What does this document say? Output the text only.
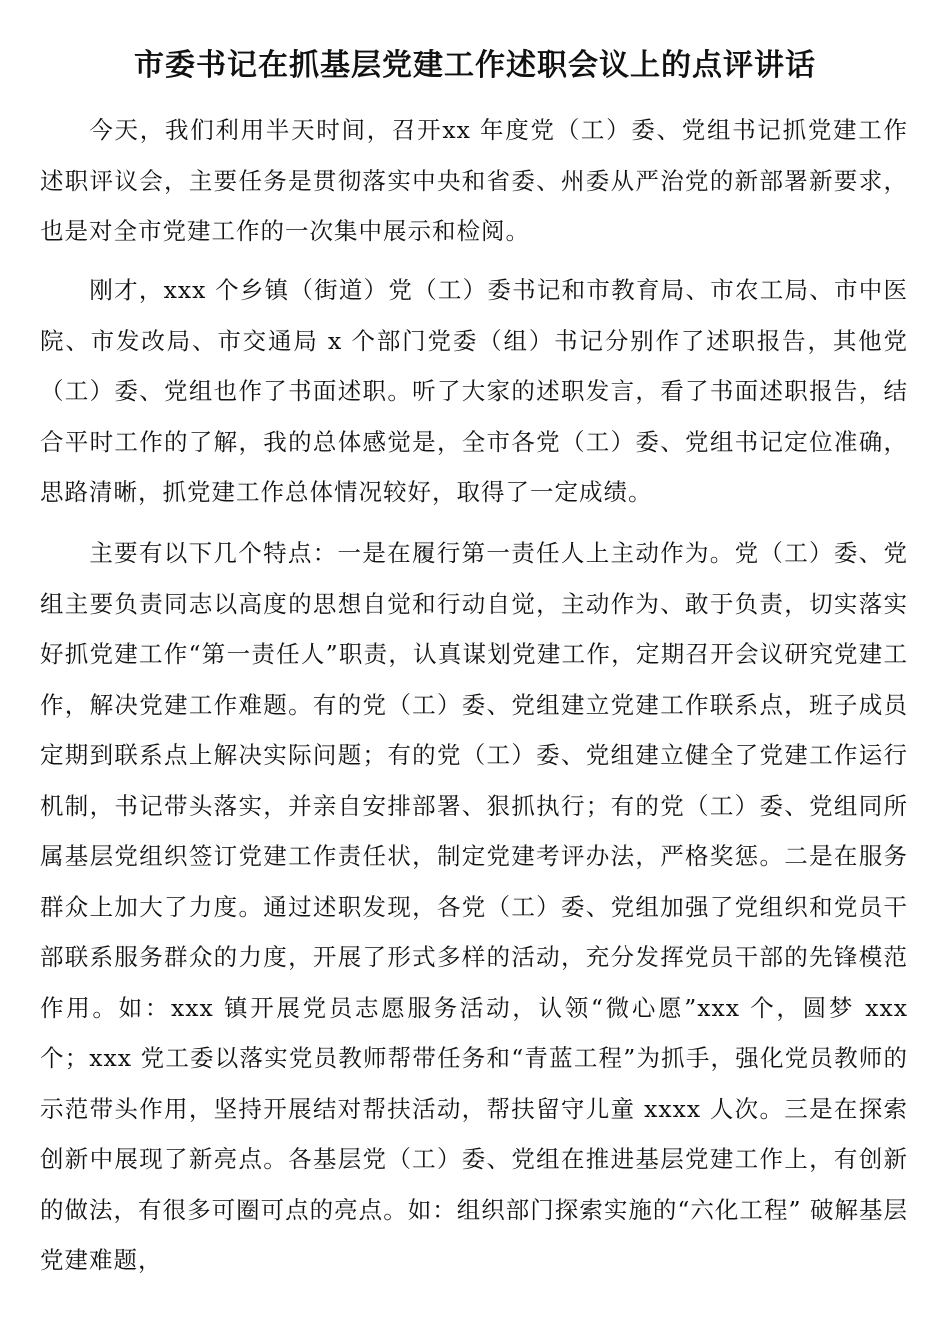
市委书记在抓基层党建工作述职会议上的点评讲话

今天，我们利用半天时间，召开xx 年度党（工）委、党组书记抓党建工作述职评议会，主要任务是贯彻落实中央和省委、州委从严治党的新部署新要求，也是对全市党建工作的一次集中展示和检阅。

刚才，xxx 个乡镇（街道）党（工）委书记和市教育局、市农工局、市中医院、市发改局、市交通局 x 个部门党委（组）书记分别作了述职报告，其他党（工）委、党组也作了书面述职。听了大家的述职发言，看了书面述职报告，结合平时工作的了解，我的总体感觉是，全市各党（工）委、党组书记定位准确，思路清晰，抓党建工作总体情况较好，取得了一定成绩。

主要有以下几个特点：一是在履行第一责任人上主动作为。党（工）委、党组主要负责同志以高度的思想自觉和行动自觉，主动作为、敢于负责，切实落实好抓党建工作“第一责任人”职责，认真谋划党建工作，定期召开会议研究党建工作，解决党建工作难题。有的党（工）委、党组建立党建工作联系点，班子成员定期到联系点上解决实际问题；有的党（工）委、党组建立健全了党建工作运行机制，书记带头落实，并亲自安排部署、狠抓执行；有的党（工）委、党组同所属基层党组织签订党建工作责任状，制定党建考评办法，严格奖惩。二是在服务群众上加大了力度。通过述职发现，各党（工）委、党组加强了党组织和党员干部联系服务群众的力度，开展了形式多样的活动，充分发挥党员干部的先锋模范作用。如：xxx 镇开展党员志愿服务活动，认领“微心愿”xxx 个，圆梦 xxx 个；xxx 党工委以落实党员教师帮带任务和“青蓝工程”为抓手，强化党员教师的示范带头作用，坚持开展结对帮扶活动，帮扶留守儿童 xxxx 人次。三是在探索创新中展现了新亮点。各基层党（工）委、党组在推进基层党建工作上，有创新的做法，有很多可圈可点的亮点。如：组织部门探索实施的“六化工程” 破解基层党建难题，
